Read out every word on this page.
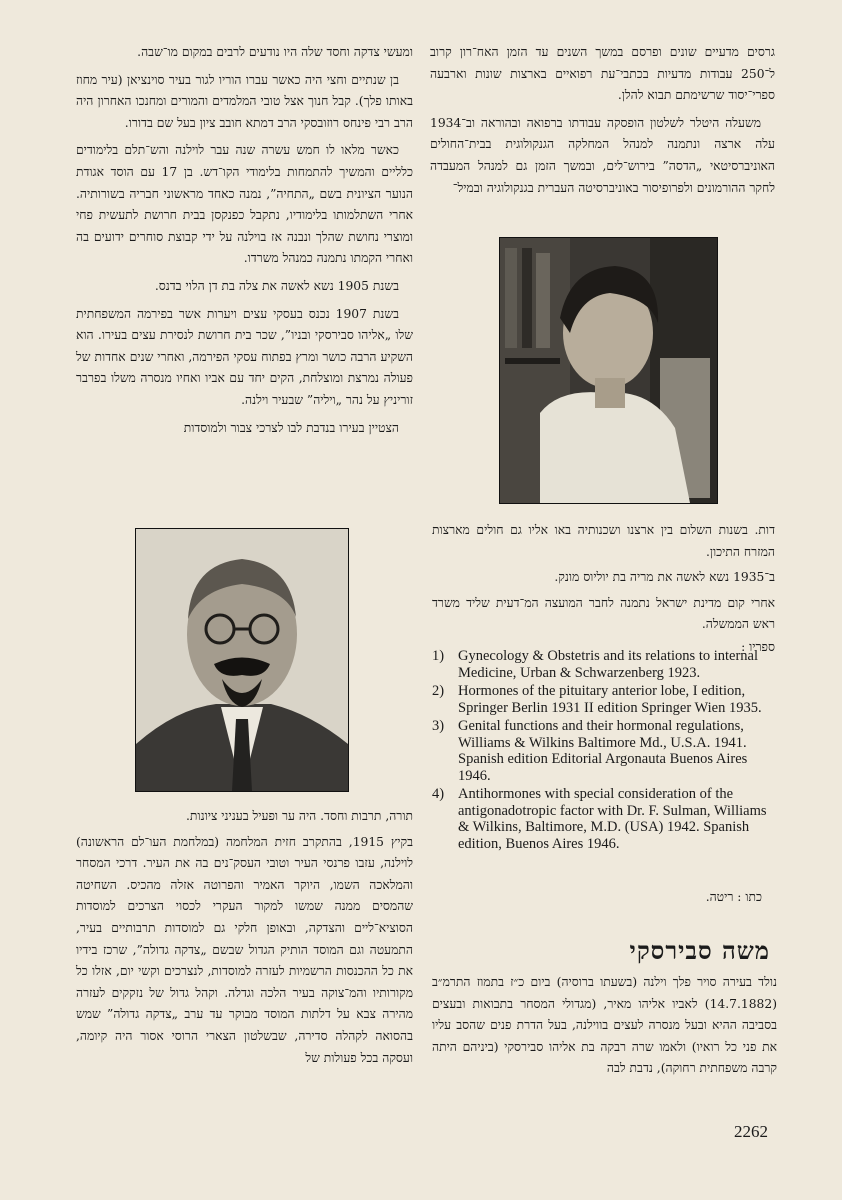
גרסים מדעיים שונים ופרסם במשך השנים עד הזמן האח־רון קרוב ל־250 עבודות מדעיות בכתבי־עת רפואיים בארצות שונות וארבעה ספרי־יסוד שרשימתם תבוא להלן.

משעלה היטלר לשלטון הופסקה עבודתו ברפואה ובהוראה וב־1934 עלה ארצה ונתמנה למנהל המחלקה הגנקולוגית בבית־החולים האוניברסיטאי „הדסה” בירוש־לים, ובמשך הזמן גם למנהל המעבדה לחקר ההורמונים ולפרופיסור באוניברסיטה העברית בגנקולוגיה ובמיל־

דות. בשנות השלום בין ארצנו ושכנותיה באו אליו גם חולים מארצות המזרח התיכון.

ב־1935 נשא לאשה את מריה בת יוליוס מונק.

אחרי קום מדינת ישראל נתמנה לחבר המועצה המ־דעית שליד משרד ראש הממשלה.

ספריו :
1) Gynecology & Obstetris and its relations to internal Medicine, Urban & Schwarzenberg 1923.
2) Hormones of the pituitary anterior lobe, I edition, Springer Berlin 1931 II edition Springer Wien 1935.
3) Genital functions and their hormonal regulations, Williams & Wilkins Baltimore Md., U.S.A. 1941. Spanish edition Editorial Argonauta Buenos Aires 1946.
4) Antihormones with special consideration of the antigonadotropic factor with Dr. F. Sulman, Williams & Wilkins, Baltimore, M.D. (USA) 1942. Spanish edition, Buenos Aires 1946.
כתו : ריטה.
משה סבירסקי

נולד בעירה סויר פלך וילנה (בשעתו ברוסיה) ביום כ״ז בתמוז התרמ״ב (14.7.1882) לאביו אליהו מאיר, (מגדולי המסחר בתבואות ובעצים בסביבה ההיא ובעל מנסרה לעצים בווילנה, בעל הדרת פנים שהסב עליו את פני כל רואיו) ולאמו שרה רבקה בת אליהו סבירסקי (ביניהם היתה קרבה משפחתית רחוקה), נדבת לבה

ומעשי צדקה וחסד שלה היו נודעים לרבים במקום מו־שבה.

בן שנתיים וחצי היה כאשר עברו הוריו לגור בעיר סוינציאן (עיר מחוז באותו פלך). קבל חנוך אצל טובי המלמדים והמורים ומחנכו האחרון היה הרב רבי פינחס רוזובסקי הרב דמתא חובב ציון בעל שם בדורו.

כאשר מלאו לו חמש עשרה שנה עבר לוילנה והש־תלם בלימודים כלליים והמשיך להתמחות בלימודי הקו־דש. בן 17 עם הוסד אגודת הנוער הציונית בשם „התחיה”, נמנה כאחד מראשוני חבריה בשורותיה. אחרי השתלמותו בלימודיו, נתקבל כפנקסן בבית חרושת לתעשית פחי ומוצרי נחושת שהלך ונבנה אז בוילנה על ידי קבוצת סוחרים ידועים בה ואחרי הקמתו נתמנה כמנהל משרדו.

בשנת 1905 נשא לאשה את צלה בת דן הלוי בדנס.

בשנת 1907 נכנס בעסקי עצים ויערות אשר בפירמה המשפחתית שלו „אליהו סבירסקי ובניו”, שכר בית חרושת לנסירת עצים בעירו. הוא השקיע הרבה כושר ומרץ בפתוח עסקי הפירמה, ואחרי שנים אחדות של פעולה נמרצת ומוצלחת, הקים יחד עם אביו ואחיו מנסרה משלו בפרבר זוריניץ על נהר „ויליה” שבעיר וילנה.

הצטיין בעירו בנדבת לבו לצרכי צבור ולמוסדות

תורה, תרבות וחסד. היה ער ופעיל בעניני ציונות.

בקיץ 1915, בהתקרב חזית המלחמה (במלחמת העו־לם הראשונה) לוילנה, עזבו פרנסי העיר וטובי העסק־נים בה את העיר. דרכי המסחר והמלאכה השמו, היוקר האמיר והפרוטה אזלה מהכיס. השחיטה שהמסים ממנה שמשו למקור העקרי לכסוי הצרכים למוסדות הסוציא־ליים והצדקה, ובאופן חלקי גם למוסדות תרבותיים בעיר, התמעטה וגם המוסד הותיק הגדול שבשם „צדקה גדולה”, שרכז בידיו את כל ההכנסות הרשמיות לעזרה למוסדות, לנצרכים וקשי יום, אזלו כל מקורותיו והמ־צוקה בעיר הלכה וגדלה. וקהל גדול של נזקקים לעזרה מהירה צבא על דלתות המוסד מבוקר עד ערב „צדקה גדולה” שמש בהסואה לקהלה סדירה, שבשלטון הצארי הרוסי אסור היה קיומה, ועסקה בכל פעולות של

2262
